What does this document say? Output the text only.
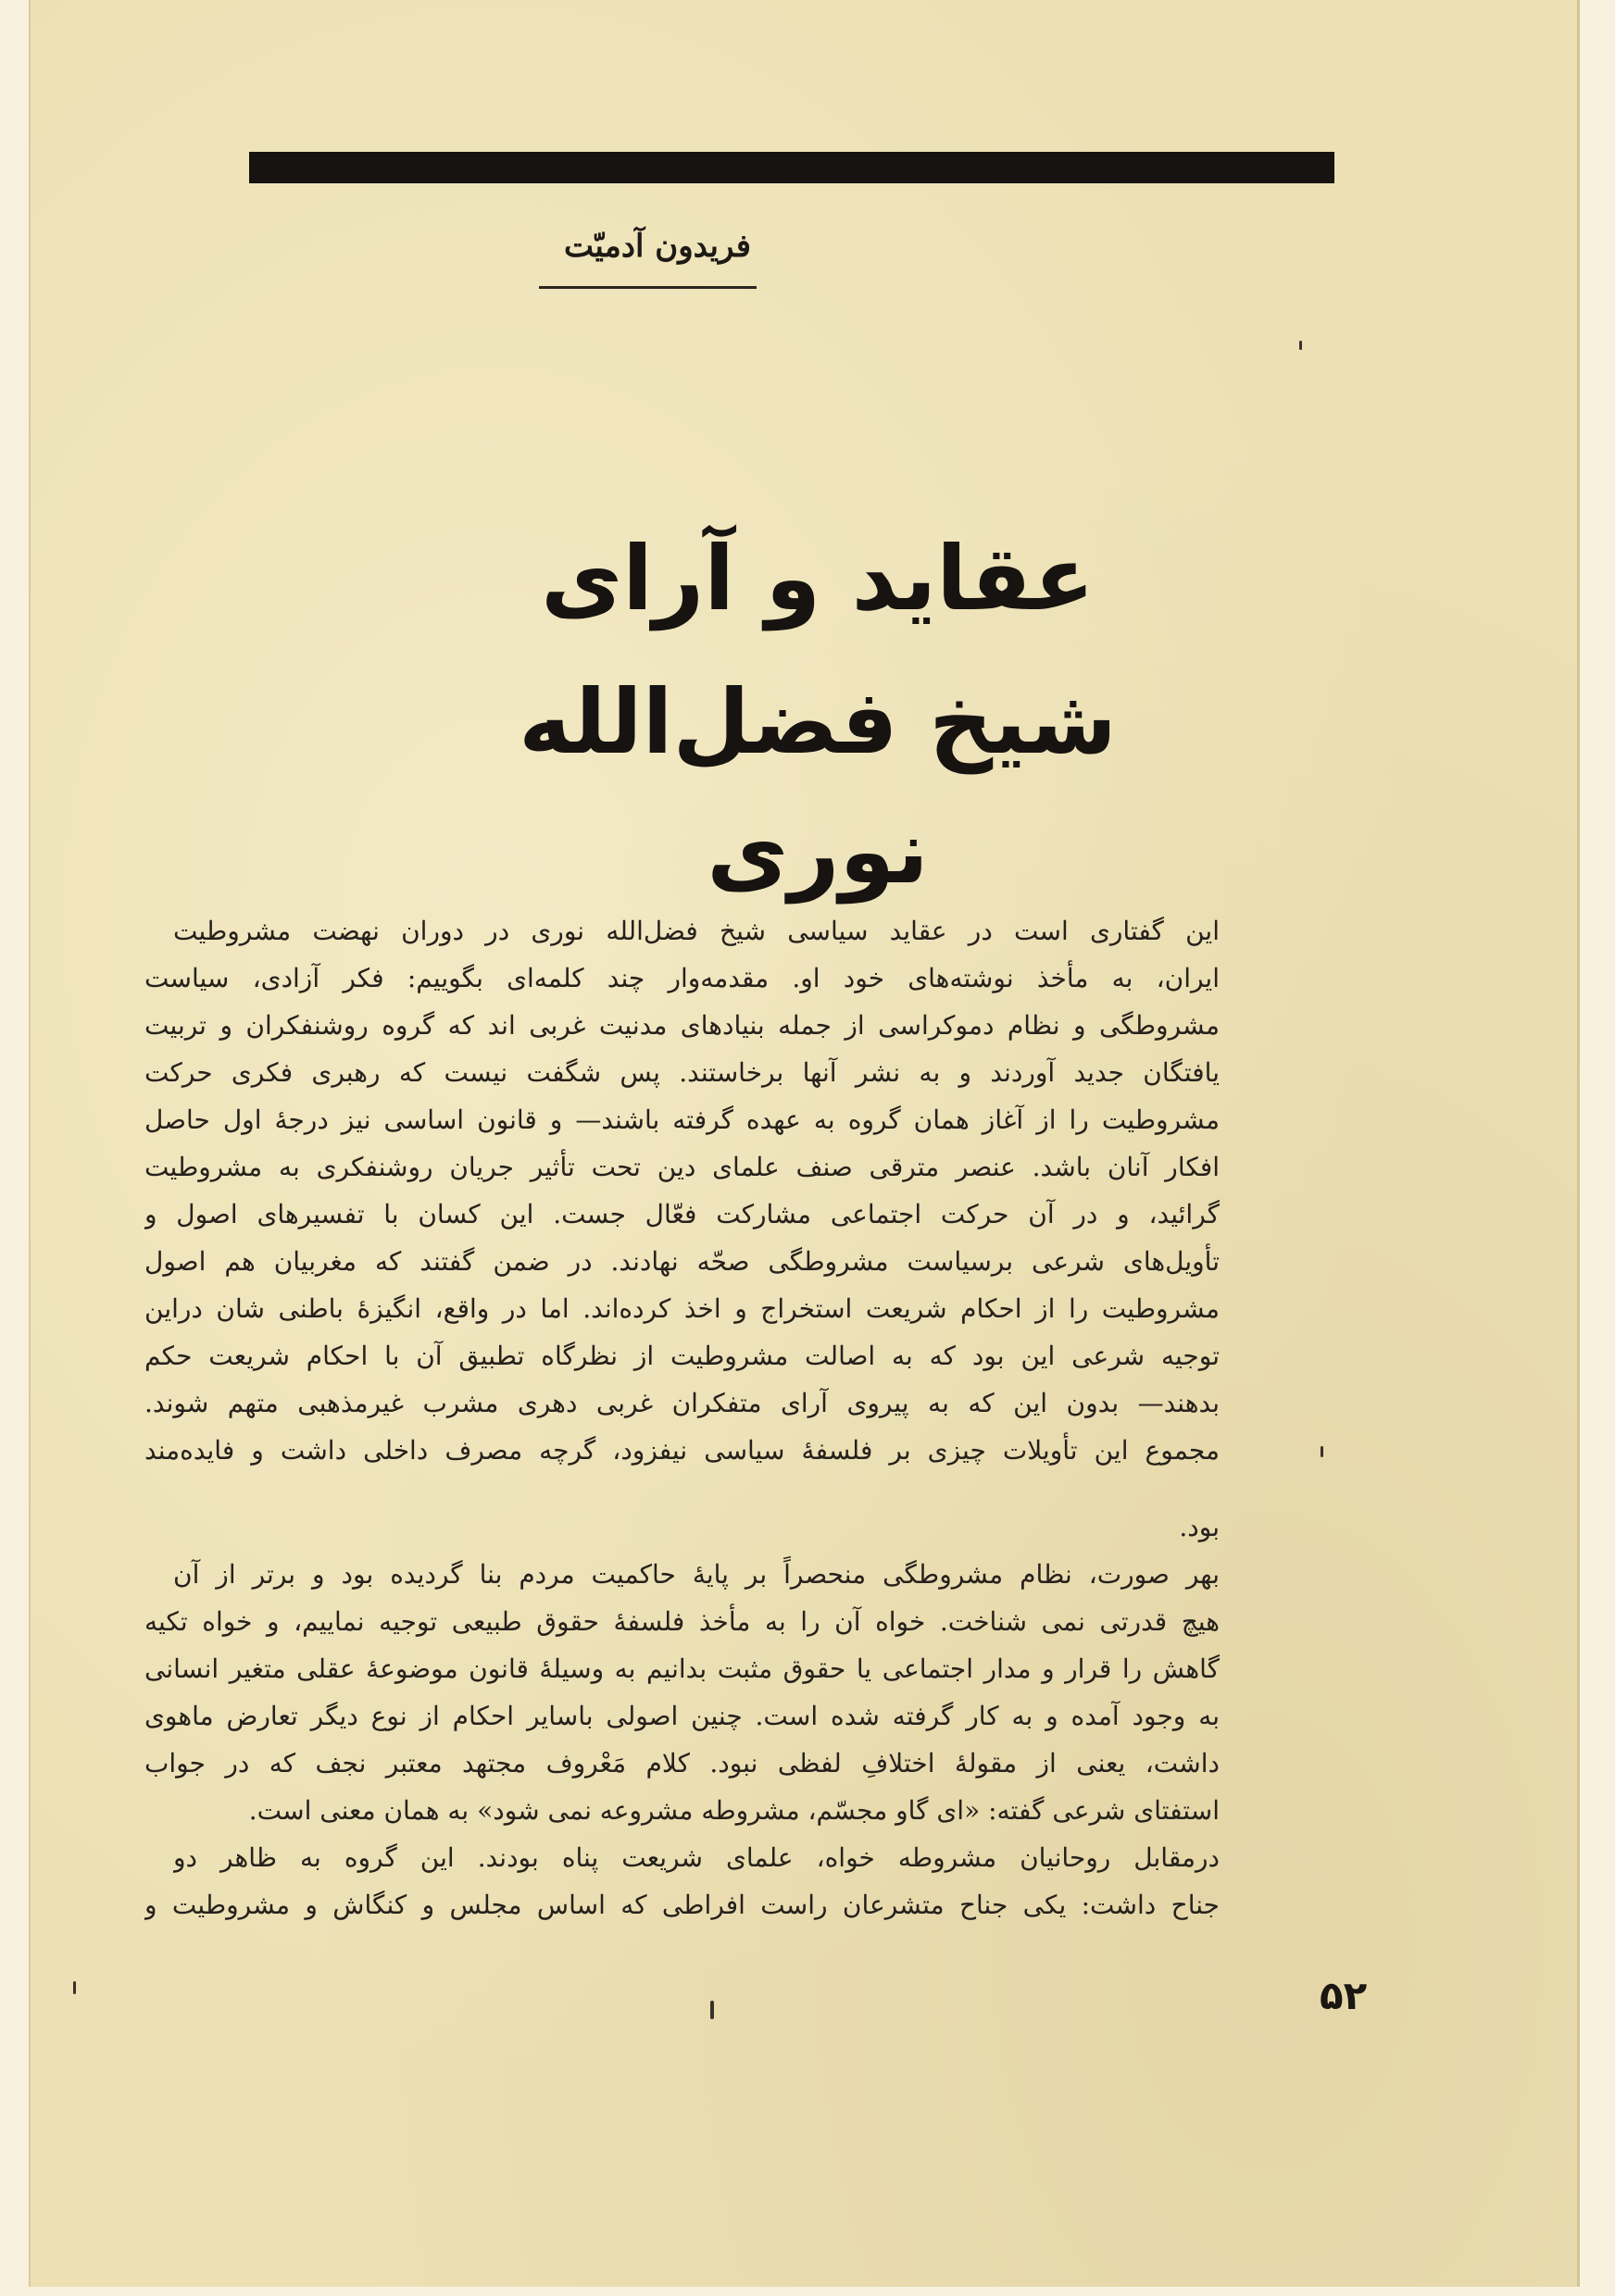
فریدون آدمیّت
عقاید و آرای
شیخ فضل‌الله نوری
این گفتاری است در عقاید سیاسی شیخ فضل‌الله نوری در دوران نهضت مشروطیت
ایران، به مأخذ نوشته‌های خود او. مقدمه‌وار چند کلمه‌ای بگوییم: فکر آزادی، سیاست
مشروطگی و نظام دموکراسی از جمله بنیادهای مدنیت غربی اند که گروه روشنفکران و تربیت
یافتگان جدید آوردند و به نشر آنها برخاستند. پس شگفت نیست که رهبری فکری حرکت
مشروطیت را از آغاز همان گروه به عهده گرفته باشند— و قانون اساسی نیز درجهٔ اول حاصل
افکار آنان باشد. عنصر مترقی صنف علمای دین تحت تأثیر جریان روشنفکری به مشروطیت
گرائید، و در آن حرکت اجتماعی مشارکت فعّال جست. این کسان با تفسیرهای اصول و
تأویل‌های شرعی برسیاست مشروطگی صحّه نهادند. در ضمن گفتند که مغربیان هم اصول
مشروطیت را از احکام شریعت استخراج و اخذ کرده‌اند. اما در واقع، انگیزهٔ باطنی شان دراین
توجیه شرعی این بود که به اصالت مشروطیت از نظرگاه تطبیق آن با احکام شریعت حکم
بدهند— بدون این که به پیروی آرای متفکران غربی دهری مشرب غیرمذهبی متهم شوند.
مجموع این تأویلات چیزی بر فلسفهٔ سیاسی نیفزود، گرچه مصرف داخلی داشت و فایده‌مند
بود.
بهر صورت، نظام مشروطگی منحصراً بر پایهٔ حاکمیت مردم بنا گردیده بود و برتر از آن
هیچ قدرتی نمی شناخت. خواه آن را به مأخذ فلسفهٔ حقوق طبیعی توجیه نماییم، و خواه تکیه
گاهش را قرار و مدار اجتماعی یا حقوق مثبت بدانیم به وسیلهٔ قانون موضوعهٔ عقلی متغیر انسانی
به وجود آمده و به کار گرفته شده است. چنین اصولی باسایر احکام از نوع دیگر تعارض ماهوی
داشت، یعنی از مقولهٔ اختلافِ لفظی نبود. کلام مَعْروف مجتهد معتبر نجف که در جواب
استفتای شرعی گفته: «ای گاو مجسّم، مشروطه مشروعه نمی شود» به همان معنی است.
درمقابل روحانیان مشروطه خواه، علمای شریعت پناه بودند. این گروه به ظاهر دو
جناح داشت: یکی جناح متشرعان راست افراطی که اساس مجلس و کنگاش و مشروطیت و
۵۲
